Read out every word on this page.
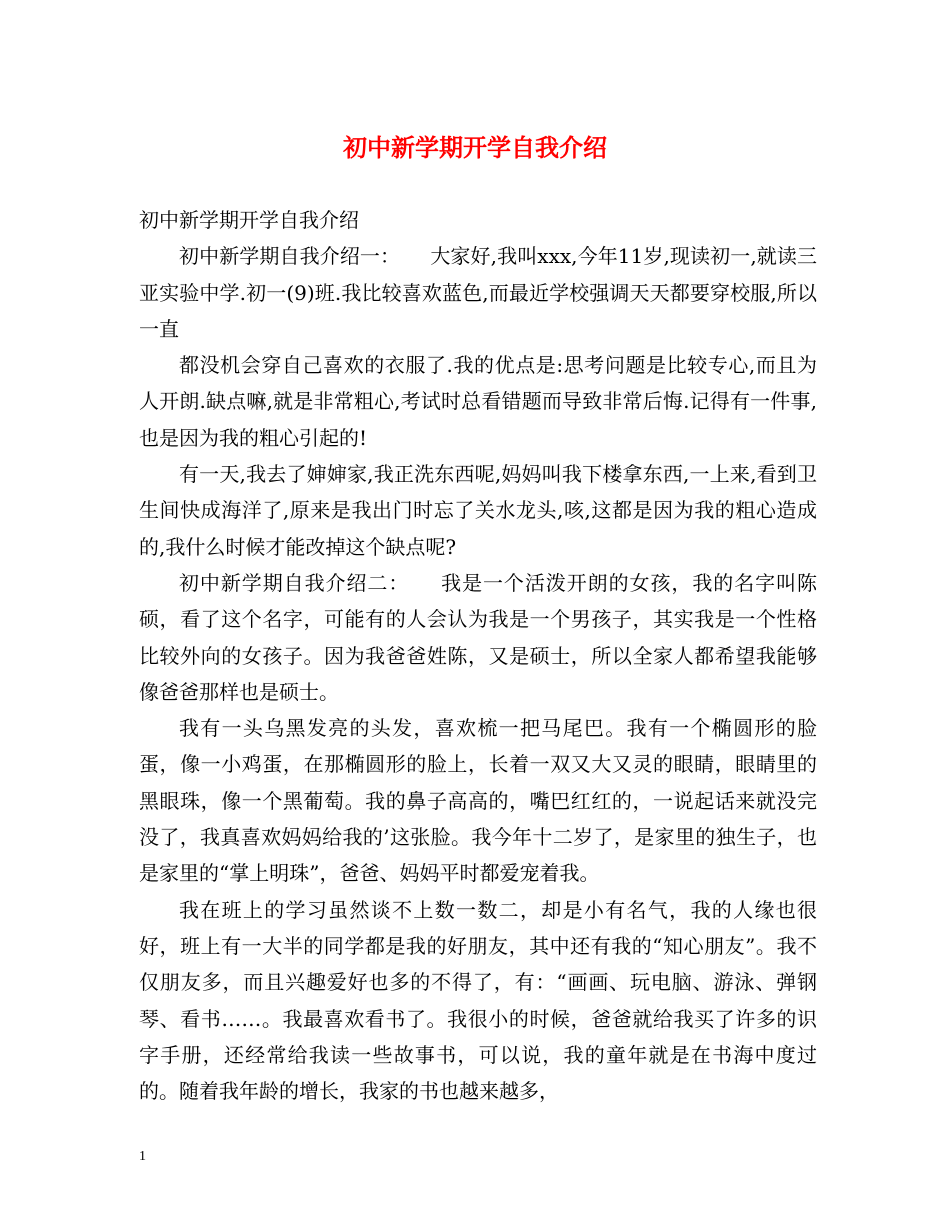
初中新学期开学自我介绍

初中新学期开学自我介绍

初中新学期自我介绍一：　　大家好,我叫xxx,今年11岁,现读初一,就读三亚实验中学.初一(9)班.我比较喜欢蓝色,而最近学校强调天天都要穿校服,所以一直

都没机会穿自己喜欢的衣服了.我的优点是:思考问题是比较专心,而且为人开朗.缺点嘛,就是非常粗心,考试时总看错题而导致非常后悔.记得有一件事,也是因为我的粗心引起的!

有一天,我去了婶婶家,我正洗东西呢,妈妈叫我下楼拿东西,一上来,看到卫生间快成海洋了,原来是我出门时忘了关水龙头,咳,这都是因为我的粗心造成的,我什么时候才能改掉这个缺点呢?

初中新学期自我介绍二：　　我是一个活泼开朗的女孩，我的名字叫陈硕，看了这个名字，可能有的人会认为我是一个男孩子，其实我是一个性格比较外向的女孩子。因为我爸爸姓陈，又是硕士，所以全家人都希望我能够像爸爸那样也是硕士。

我有一头乌黑发亮的头发，喜欢梳一把马尾巴。我有一个椭圆形的脸蛋，像一小鸡蛋，在那椭圆形的脸上，长着一双又大又灵的眼睛，眼睛里的黑眼珠，像一个黑葡萄。我的鼻子高高的，嘴巴红红的，一说起话来就没完没了，我真喜欢妈妈给我的’这张脸。我今年十二岁了，是家里的独生子，也是家里的“掌上明珠”，爸爸、妈妈平时都爱宠着我。

我在班上的学习虽然谈不上数一数二，却是小有名气，我的人缘也很好，班上有一大半的同学都是我的好朋友，其中还有我的“知心朋友”。我不仅朋友多，而且兴趣爱好也多的不得了，有：“画画、玩电脑、游泳、弹钢琴、看书……。我最喜欢看书了。我很小的时候，爸爸就给我买了许多的识字手册，还经常给我读一些故事书，可以说，我的童年就是在书海中度过的。随着我年龄的增长，我家的书也越来越多，

1
